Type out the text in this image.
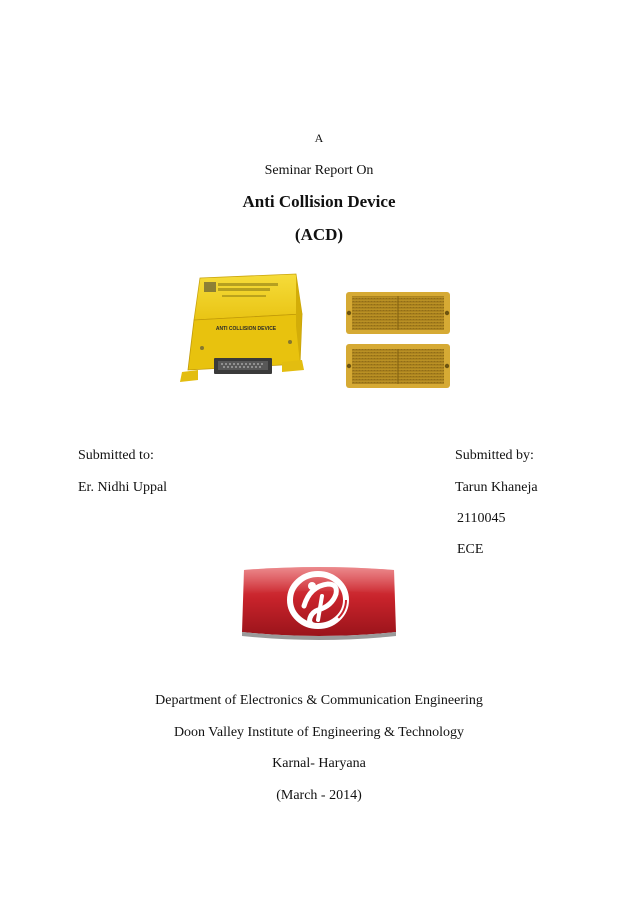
A
Seminar Report On
Anti Collision Device
(ACD)
ANTI COLLISION DEVICE
Submitted to:
Er. Nidhi Uppal
Submitted by:
Tarun Khaneja
2110045
ECE
Department of Electronics & Communication Engineering
Doon Valley Institute of Engineering & Technology
Karnal- Haryana
(March - 2014)
